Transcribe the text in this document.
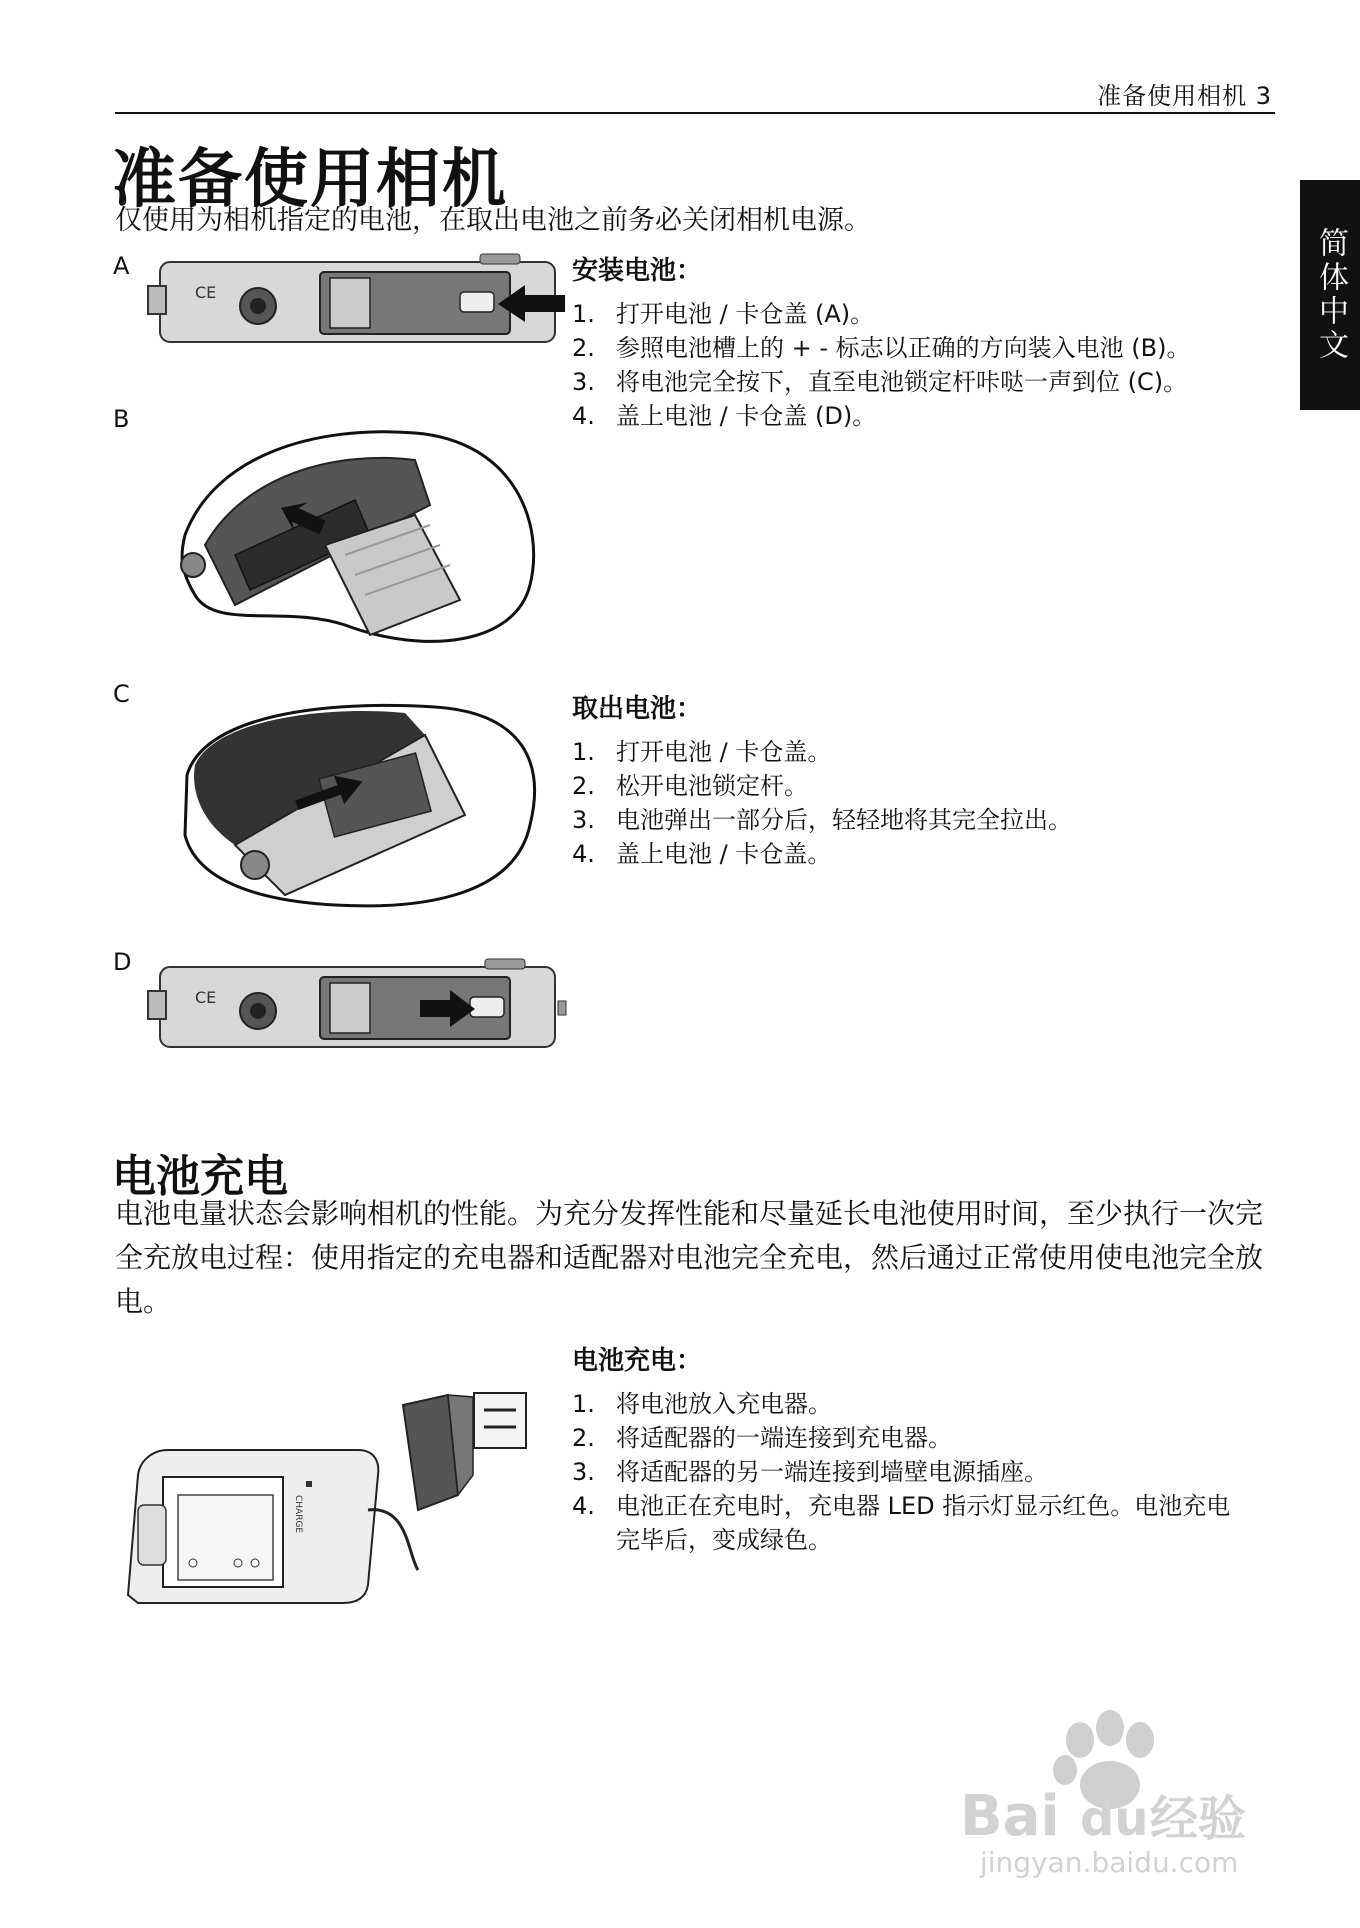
准备使用相机 3
简体中文
准备使用相机
仅使用为相机指定的电池，在取出电池之前务必关闭相机电源。
A
CE
B
安装电池：
1. 打开电池 / 卡仓盖 (A)。
2. 参照电池槽上的 + - 标志以正确的方向装入电池 (B)。
3. 将电池完全按下，直至电池锁定杆咔哒一声到位 (C)。
4. 盖上电池 / 卡仓盖 (D)。
C	取出电池：
1. 打开电池 / 卡仓盖。
2. 松开电池锁定杆。
3. 电池弹出一部分后，轻轻地将其完全拉出。
4. 盖上电池 / 卡仓盖。
D
CE
电池充电
电池电量状态会影响相机的性能。为充分发挥性能和尽量延长电池使用时间，至少执行一次完全充放电过程：使用指定的充电器和适配器对电池完全充电，然后通过正常使用使电池完全放电。
CHARGE
电池充电：
1. 将电池放入充电器。
2. 将适配器的一端连接到充电器。
3. 将适配器的另一端连接到墙壁电源插座。
4. 电池正在充电时，充电器 LED 指示灯显示红色。电池充电完毕后，变成绿色。
Bai du 经验
jingyan.baidu.com
